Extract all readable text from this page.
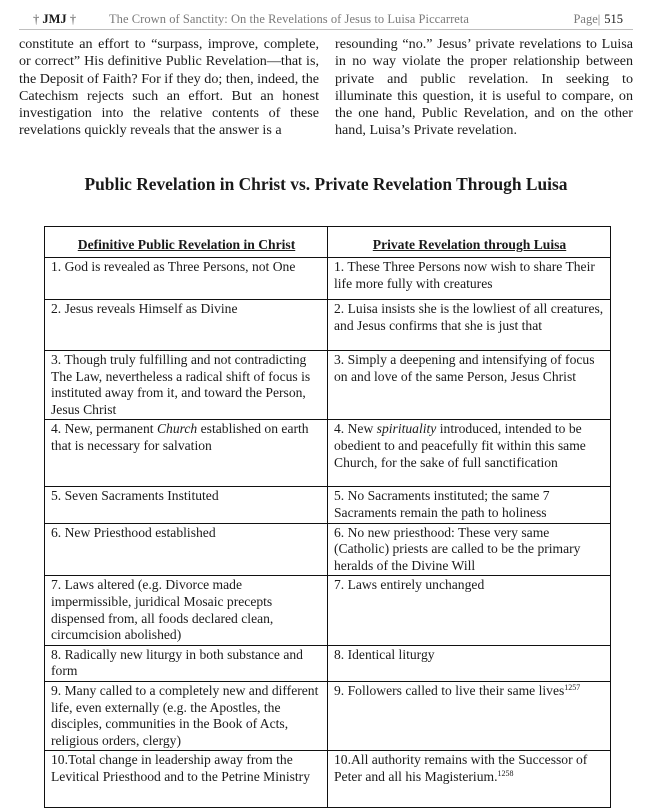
† JMJ †	The Crown of Sanctity: On the Revelations of Jesus to Luisa Piccarreta	Page| 515
constitute an effort to “surpass, improve, complete, or correct” His definitive Public Revelation—that is, the Deposit of Faith? For if they do; then, indeed, the Catechism rejects such an effort. But an honest investigation into the relative contents of these revelations quickly reveals that the answer is a
resounding “no.” Jesus’ private revelations to Luisa in no way violate the proper relationship between private and public revelation. In seeking to illuminate this question, it is useful to compare, on the one hand, Public Revelation, and on the other hand, Luisa’s Private revelation.
Public Revelation in Christ vs. Private Revelation Through Luisa
Definitive Public Revelation in Christ	Private Revelation through Luisa
1. God is revealed as Three Persons, not One	1. These Three Persons now wish to share Their life more fully with creatures
2. Jesus reveals Himself as Divine	2. Luisa insists she is the lowliest of all creatures, and Jesus confirms that she is just that
3. Though truly fulfilling and not contradicting The Law, nevertheless a radical shift of focus is instituted away from it, and toward the Person, Jesus Christ	3. Simply a deepening and intensifying of focus on and love of the same Person, Jesus Christ
4. New, permanent Church established on earth that is necessary for salvation	4. New spirituality introduced, intended to be obedient to and peacefully fit within this same Church, for the sake of full sanctification
5. Seven Sacraments Instituted	5. No Sacraments instituted; the same 7 Sacraments remain the path to holiness
6. New Priesthood established	6. No new priesthood: These very same (Catholic) priests are called to be the primary heralds of the Divine Will
7. Laws altered (e.g. Divorce made impermissible, juridical Mosaic precepts dispensed from, all foods declared clean, circumcision abolished)	7. Laws entirely unchanged
8. Radically new liturgy in both substance and form	8. Identical liturgy
9. Many called to a completely new and different life, even externally (e.g. the Apostles, the disciples, communities in the Book of Acts, religious orders, clergy)	9. Followers called to live their same lives$^{1257}$
10.Total change in leadership away from the Levitical Priesthood and to the Petrine Ministry	10.All authority remains with the Successor of Peter and all his Magisterium.$^{1258}$
